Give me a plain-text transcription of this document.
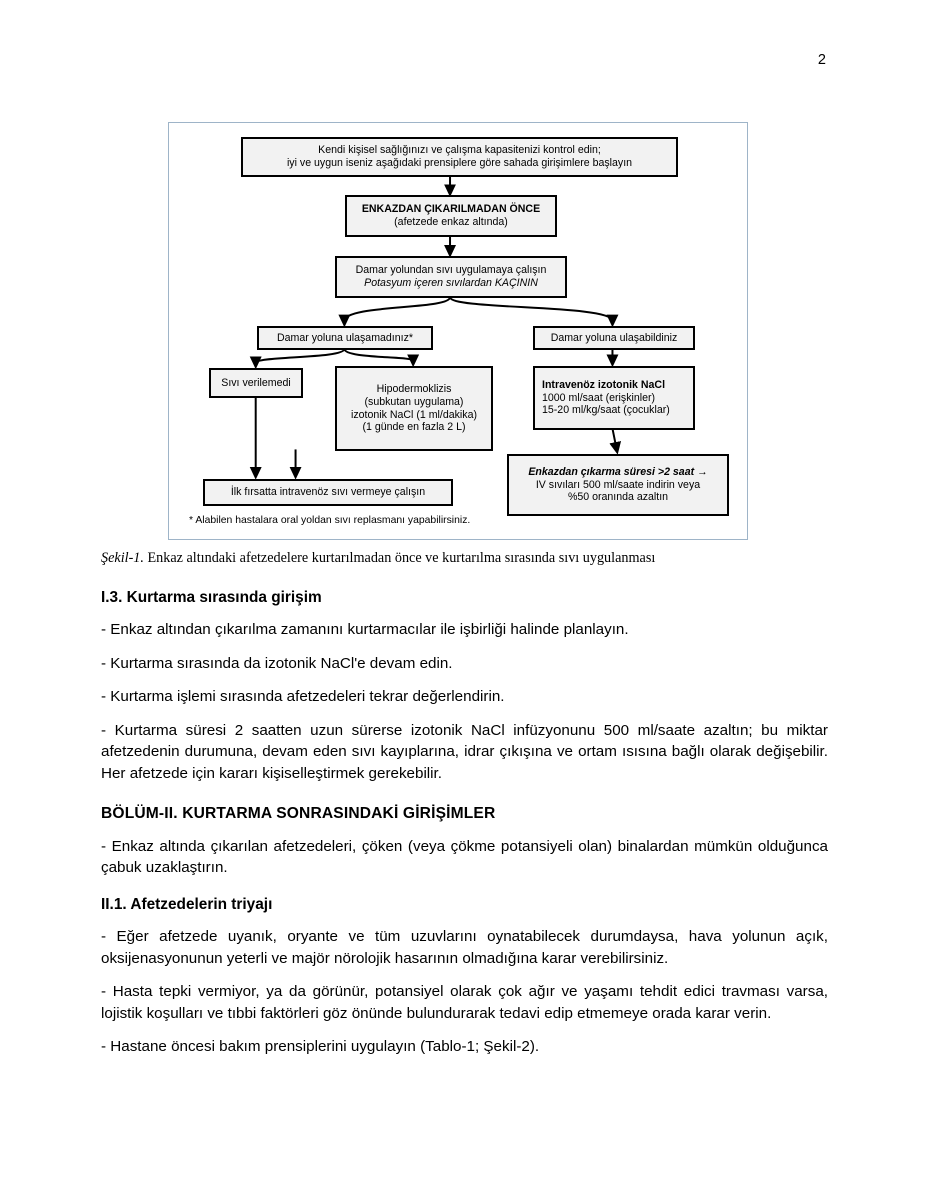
2
Kendi kişisel sağlığınızı ve çalışma kapasitenizi kontrol edin;
iyi ve uygun iseniz aşağıdaki prensiplere göre sahada girişimlere başlayın
ENKAZDAN ÇIKARILMADAN ÖNCE
(afetzede enkaz altında)
Damar yolundan sıvı uygulamaya çalışın
Potasyum içeren sıvılardan KAÇININ
Damar yoluna ulaşamadınız*	Damar yoluna ulaşabildiniz
Sıvı verilemedi
Hipodermoklizis
(subkutan uygulama)
izotonik NaCl (1 ml/dakika)
(1 günde en fazla 2 L)
Intravenöz izotonik NaCl
1000 ml/saat (erişkinler)
15-20 ml/kg/saat (çocuklar)
Enkazdan çıkarma süresi >2 saat →
IV sıvıları 500 ml/saate indirin veya
%50 oranında azaltın
İlk fırsatta intravenöz sıvı vermeye çalışın
* Alabilen hastalara oral yoldan sıvı replasmanı yapabilirsiniz.
Şekil-1. Enkaz altındaki afetzedelere kurtarılmadan önce ve kurtarılma sırasında sıvı uygulanması
I.3. Kurtarma sırasında girişim
- Enkaz altından çıkarılma zamanını kurtarmacılar ile işbirliği halinde planlayın.
- Kurtarma sırasında da izotonik NaCl'e devam edin.
- Kurtarma işlemi sırasında afetzedeleri tekrar değerlendirin.
- Kurtarma süresi 2 saatten uzun sürerse izotonik NaCl infüzyonunu 500 ml/saate azaltın; bu miktar afetzedenin durumuna, devam eden sıvı kayıplarına, idrar çıkışına ve ortam ısısına bağlı olarak değişebilir. Her afetzede için kararı kişiselleştirmek gerekebilir.
BÖLÜM-II. KURTARMA SONRASINDAKİ GİRİŞİMLER
- Enkaz altında çıkarılan afetzedeleri, çöken (veya çökme potansiyeli olan) binalardan mümkün olduğunca çabuk uzaklaştırın.
II.1. Afetzedelerin triyajı
- Eğer afetzede uyanık, oryante ve tüm uzuvlarını oynatabilecek durumdaysa, hava yolunun açık, oksijenasyonunun yeterli ve majör nörolojik hasarının olmadığına karar verebilirsiniz.
- Hasta tepki vermiyor, ya da görünür, potansiyel olarak çok ağır ve yaşamı tehdit edici travması varsa, lojistik koşulları ve tıbbi faktörleri göz önünde bulundurarak tedavi edip etmemeye orada karar verin.
- Hastane öncesi bakım prensiplerini uygulayın (Tablo-1; Şekil-2).
